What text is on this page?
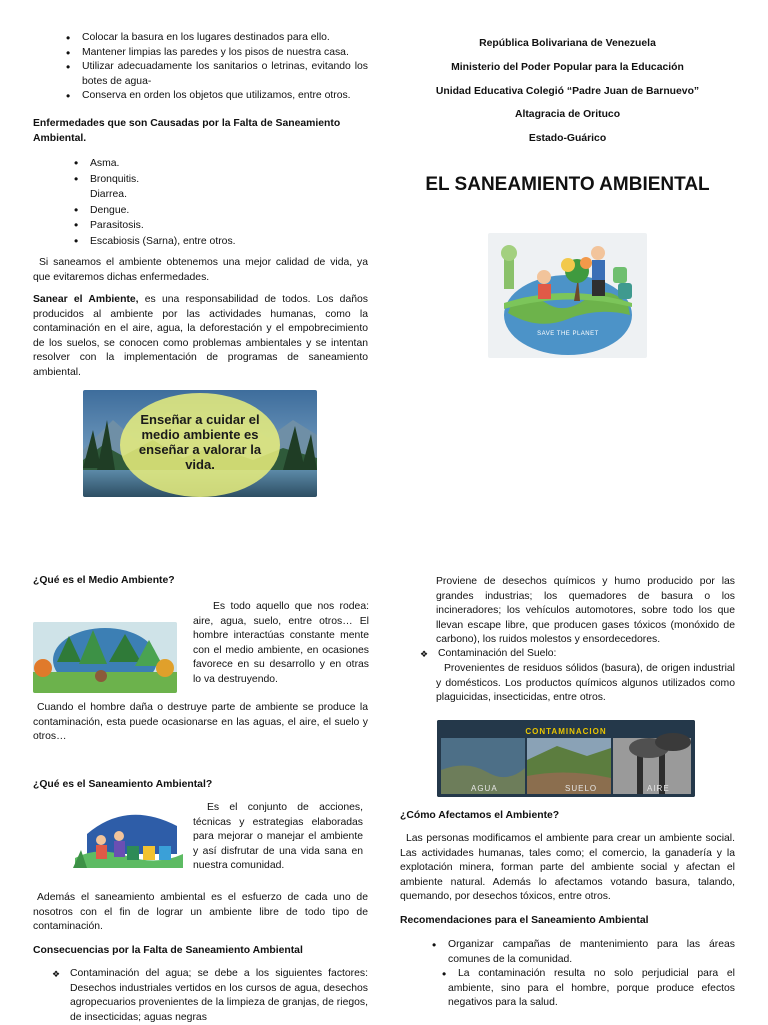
• Colocar la basura en los lugares destinados para ello.
• Mantener limpias las paredes y los pisos de nuestra casa.
• Utilizar adecuadamente los sanitarios o letrinas, evitando los botes de agua-
• Conserva en orden los objetos que utilizamos, entre otros.

Enfermedades que son Causadas por la Falta de Saneamiento Ambiental.

• Asma.
• Bronquitis.
Diarrea.
• Dengue.
• Parasitosis.
• Escabiosis (Sarna), entre otros.

Si saneamos el ambiente obtenemos una mejor calidad de vida, ya que evitaremos dichas enfermedades.

Sanear el Ambiente, es una responsabilidad de todos. Los daños producidos al ambiente por las actividades humanas, como la contaminación en el aire, agua, la deforestación y el empobrecimiento de los suelos, se conocen como problemas ambientales y se intentan resolver con la implementación de programas de saneamiento ambiental.

Enseñar a cuidar el medio ambiente es enseñar a valorar la vida.
República Bolivariana de Venezuela
Ministerio del Poder Popular para la Educación
Unidad Educativa Colegió “Padre Juan de Barnuevo”
Altagracia de Orituco
Estado-Guárico
EL SANEAMIENTO AMBIENTAL
SAVE THE PLANET

¿Qué es el Medio Ambiente?

Es todo aquello que nos rodea: aire, agua, suelo, entre otros… El hombre interactúas constante mente con el medio ambiente, en ocasiones favorece en su desarrollo y en otras lo va destruyendo.

Cuando el hombre daña o destruye parte de ambiente se produce la contaminación, esta puede ocasionarse en las aguas, el aire, el suelo y otros…

¿Qué es el Saneamiento Ambiental?

Es el conjunto de acciones, técnicas y estrategias elaboradas para mejorar o manejar el ambiente y así disfrutar de una vida sana en nuestra comunidad.

Además el saneamiento ambiental es el esfuerzo de cada uno de nosotros con el fin de lograr un ambiente libre de todo tipo de contaminación.

Consecuencias por la Falta de Saneamiento Ambiental

❖ Contaminación del agua; se debe a los siguientes factores: Desechos industriales vertidos en los cursos de agua, desechos agropecuarios provenientes de la limpieza de granjas, de riegos, de insecticidas; aguas negras

Proviene de desechos químicos y humo producido por las grandes industrias; los quemadores de basura o los incineradores; los vehículos automotores, sobre todo los que llevan escape libre, que producen gases tóxicos (monóxido de carbono), los ruidos molestos y ensordecedores.

❖ Contaminación del Suelo:

Provenientes de residuos sólidos (basura), de origen industrial y domésticos. Los productos químicos algunos utilizados como plaguicidas, insecticidas, entre otros.

CONTAMINACION
AGUA	SUELO	AIRE

¿Cómo Afectamos el Ambiente?

Las personas modificamos el ambiente para crear un ambiente social. Las actividades humanas, tales como; el comercio, la ganadería y la explotación minera, forman parte del ambiente social y afectan el ambiente natural. Además lo afectamos votando basura, talando, quemando, por desechos tóxicos, entre otros.

Recomendaciones para el Saneamiento Ambiental

• Organizar campañas de mantenimiento para las áreas comunes de la comunidad.
• La contaminación resulta no solo perjudicial para el ambiente, sino para el hombre, porque produce efectos negativos para la salud.
